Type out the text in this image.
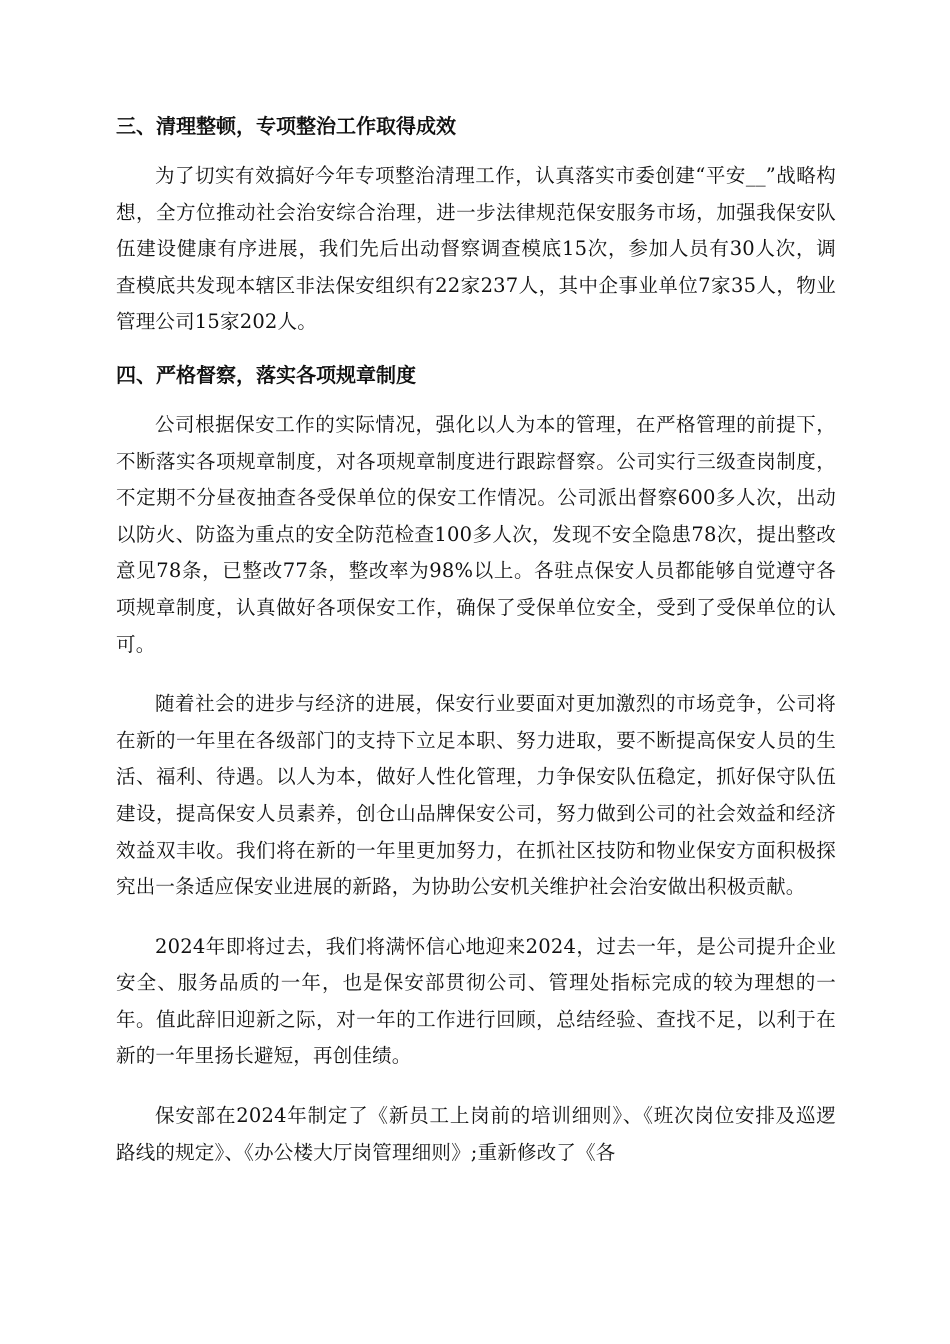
三、清理整顿，专项整治工作取得成效

为了切实有效搞好今年专项整治清理工作，认真落实市委创建“平安__”战略构想，全方位推动社会治安综合治理，进一步法律规范保安服务市场，加强我保安队伍建设健康有序进展，我们先后出动督察调查模底15次，参加人员有30人次，调查模底共发现本辖区非法保安组织有22家237人，其中企事业单位7家35人，物业管理公司15家202人。

四、严格督察，落实各项规章制度

公司根据保安工作的实际情况，强化以人为本的管理，在严格管理的前提下，不断落实各项规章制度，对各项规章制度进行跟踪督察。公司实行三级查岗制度，不定期不分昼夜抽查各受保单位的保安工作情况。公司派出督察600多人次，出动以防火、防盗为重点的安全防范检查100多人次，发现不安全隐患78次，提出整改意见78条，已整改77条，整改率为98%以上。各驻点保安人员都能够自觉遵守各项规章制度，认真做好各项保安工作，确保了受保单位安全，受到了受保单位的认可。

随着社会的进步与经济的进展，保安行业要面对更加激烈的市场竞争，公司将在新的一年里在各级部门的支持下立足本职、努力进取，要不断提高保安人员的生活、福利、待遇。以人为本，做好人性化管理，力争保安队伍稳定，抓好保守队伍建设，提高保安人员素养，创仓山品牌保安公司，努力做到公司的社会效益和经济效益双丰收。我们将在新的一年里更加努力，在抓社区技防和物业保安方面积极探究出一条适应保安业进展的新路，为协助公安机关维护社会治安做出积极贡献。

2024年即将过去，我们将满怀信心地迎来2024，过去一年，是公司提升企业安全、服务品质的一年，也是保安部贯彻公司、管理处指标完成的较为理想的一年。值此辞旧迎新之际，对一年的工作进行回顾，总结经验、查找不足，以利于在新的一年里扬长避短，再创佳绩。

保安部在2024年制定了《新员工上岗前的培训细则》、《班次岗位安排及巡逻路线的规定》、《办公楼大厅岗管理细则》;重新修改了《各
